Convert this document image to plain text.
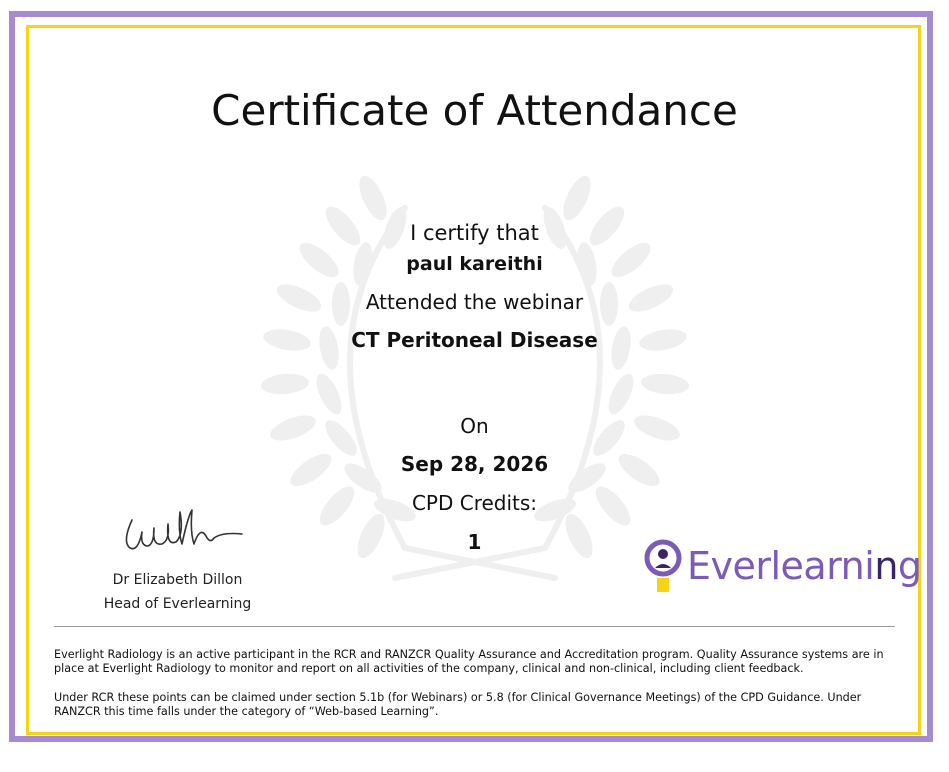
Certificate of Attendance
I certify that
paul kareithi
Attended the webinar
CT Peritoneal Disease
On
Sep 28, 2026
CPD Credits:
1
Dr Elizabeth Dillon
Head of Everlearning
Everlearning

Everlight Radiology is an active participant in the RCR and RANZCR Quality Assurance and Accreditation program. Quality Assurance systems are in place at Everlight Radiology to monitor and report on all activities of the company, clinical and non-clinical, including client feedback.

Under RCR these points can be claimed under section 5.1b (for Webinars) or 5.8 (for Clinical Governance Meetings) of the CPD Guidance. Under RANZCR this time falls under the category of “Web-based Learning”.
